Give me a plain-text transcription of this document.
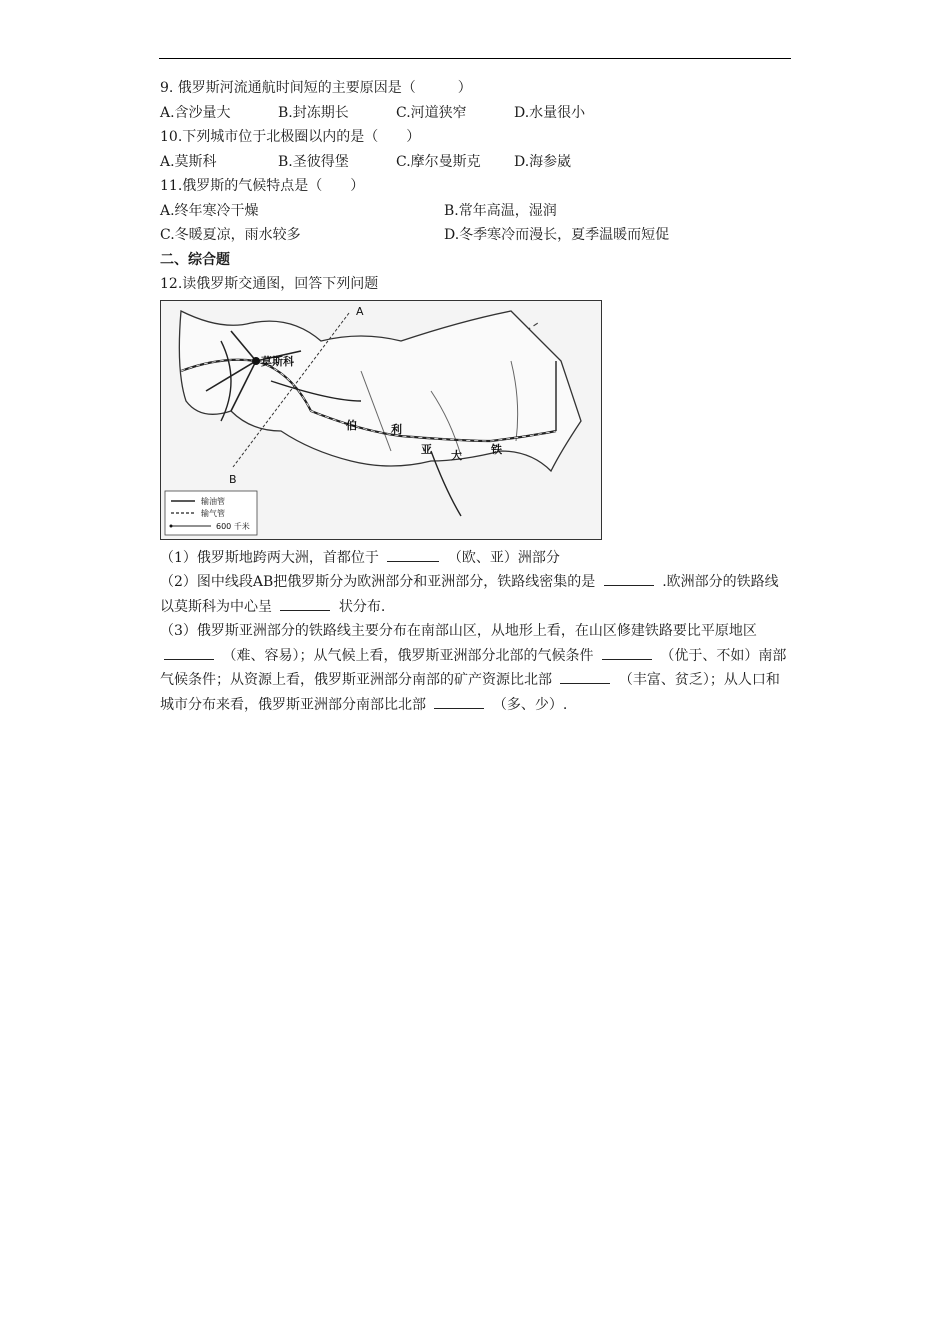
9. 俄罗斯河流通航时间短的主要原因是（　　　）
A.含沙量大	B.封冻期长	C.河道狭窄	D.水量很小
10.下列城市位于北极圈以内的是（　　）
A.莫斯科	B.圣彼得堡	C.摩尔曼斯克	D.海参崴
11.俄罗斯的气候特点是（　　）
A.终年寒冷干燥	B.常年高温，湿润
C.冬暖夏凉，雨水较多	D.冬季寒冷而漫长，夏季温暖而短促
二、综合题
12.读俄罗斯交通图，回答下列问题
莫斯科
A
B
伯	利
亚 大	铁
输油管
输气管
600 千米
（1）俄罗斯地跨两大洲，首都位于	（欧、亚）洲部分
（2）图中线段AB把俄罗斯分为欧洲部分和亚洲部分，铁路线密集的是	.欧洲部分的铁路线以莫斯科为中心呈	状分布.
（3）俄罗斯亚洲部分的铁路线主要分布在南部山区，从地形上看，在山区修建铁路要比平原地区  （难、容易）；从气候上看，俄罗斯亚洲部分北部的气候条件	（优于、不如）南部气候条件；从资源上看，俄罗斯亚洲部分南部的矿产资源比北部	（丰富、贫乏）；从人口和城市分布来看，俄罗斯亚洲部分南部比北部	（多、少）.
